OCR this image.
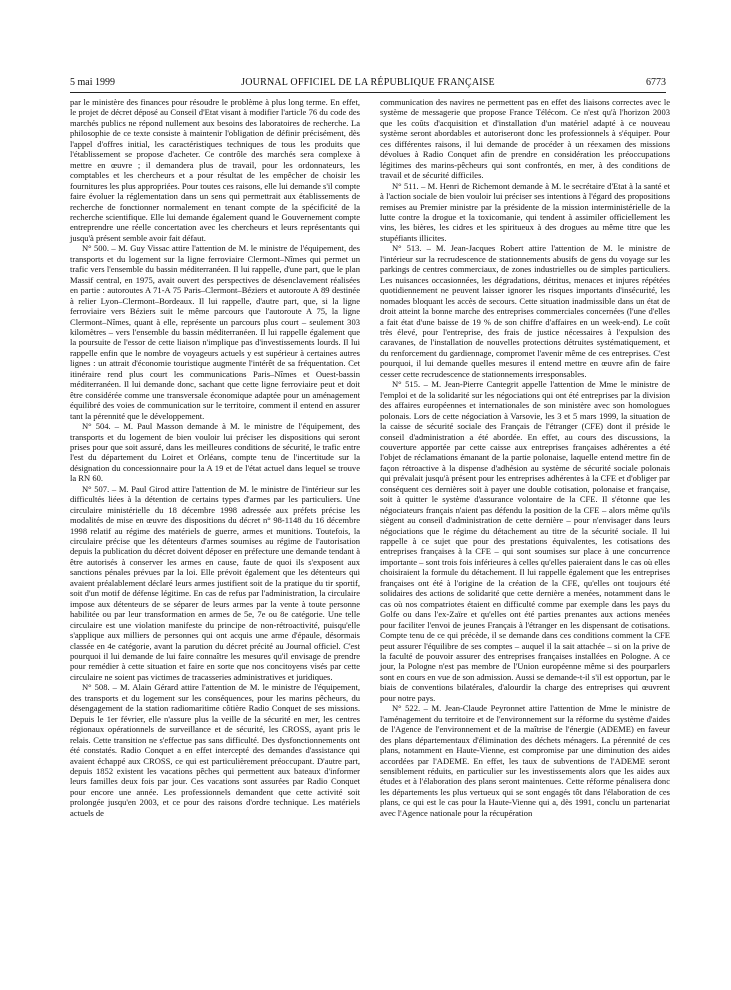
5 mai 1999	JOURNAL OFFICIEL DE LA RÉPUBLIQUE FRANÇAISE	6773

par le ministère des finances pour résoudre le problème à plus long terme. En effet, le projet de décret déposé au Conseil d'Etat visant à modifier l'article 76 du code des marchés publics ne répond nullement aux besoins des laboratoires de recherche. La philosophie de ce texte consiste à maintenir l'obligation de définir précisément, dès l'appel d'offres initial, les caractéristiques techniques de tous les produits que l'établissement se propose d'acheter. Ce contrôle des marchés sera complexe à mettre en œuvre ; il demandera plus de travail, pour les ordonnateurs, les comptables et les chercheurs et a pour résultat de les empêcher de choisir les fournitures les plus appropriées. Pour toutes ces raisons, elle lui demande s'il compte faire évoluer la réglementation dans un sens qui permettrait aux établissements de recherche de fonctionner normalement en tenant compte de la spécificité de la recherche scientifique. Elle lui demande également quand le Gouvernement compte entreprendre une réelle concertation avec les chercheurs et leurs représentants qui jusqu'à présent semble avoir fait défaut.

N° 500. – M. Guy Vissac attire l'attention de M. le ministre de l'équipement, des transports et du logement sur la ligne ferroviaire Clermont–Nîmes qui permet un trafic vers l'ensemble du bassin méditerranéen. Il lui rappelle, d'une part, que le plan Massif central, en 1975, avait ouvert des perspectives de désenclavement réalisées en partie : autoroutes A 71-A 75 Paris–Clermont–Béziers et autoroute A 89 destinée à relier Lyon–Clermont–Bordeaux. Il lui rappelle, d'autre part, que, si la ligne ferroviaire vers Béziers suit le même parcours que l'autoroute A 75, la ligne Clermont–Nîmes, quant à elle, représente un parcours plus court – seulement 303 kilomètres – vers l'ensemble du bassin méditerranéen. Il lui rappelle également que la poursuite de l'essor de cette liaison n'implique pas d'investissements lourds. Il lui rappelle enfin que le nombre de voyageurs actuels y est supérieur à certaines autres lignes : un attrait d'économie touristique augmente l'intérêt de sa fréquentation. Cet itinéraire rend plus court les communications Paris–Nîmes et Ouest-bassin méditerranéen. Il lui demande donc, sachant que cette ligne ferroviaire peut et doit être considérée comme une transversale économique adaptée pour un aménagement équilibré des voies de communication sur le territoire, comment il entend en assurer tant la pérennité que le développement.

N° 504. – M. Paul Masson demande à M. le ministre de l'équipement, des transports et du logement de bien vouloir lui préciser les dispositions qui seront prises pour que soit assuré, dans les meilleures conditions de sécurité, le trafic entre l'est du département du Loiret et Orléans, compte tenu de l'incertitude sur la désignation du concessionnaire pour la A 19 et de l'état actuel dans lequel se trouve la RN 60.

N° 507. – M. Paul Girod attire l'attention de M. le ministre de l'intérieur sur les difficultés liées à la détention de certains types d'armes par les particuliers. Une circulaire ministérielle du 18 décembre 1998 adressée aux préfets précise les modalités de mise en œuvre des dispositions du décret n° 98-1148 du 16 décembre 1998 relatif au régime des matériels de guerre, armes et munitions. Toutefois, la circulaire précise que les détenteurs d'armes soumises au régime de l'autorisation depuis la publication du décret doivent déposer en préfecture une demande tendant à être autorisés à conserver les armes en cause, faute de quoi ils s'exposent aux sanctions pénales prévues par la loi. Elle prévoit également que les détenteurs qui avaient préalablement déclaré leurs armes justifient soit de la pratique du tir sportif, soit d'un motif de défense légitime. En cas de refus par l'administration, la circulaire impose aux détenteurs de se séparer de leurs armes par la vente à toute personne habilitée ou par leur transformation en armes de 5e, 7e ou 8e catégorie. Une telle circulaire est une violation manifeste du principe de non-rétroactivité, puisqu'elle s'applique aux milliers de personnes qui ont acquis une arme d'épaule, désormais classée en 4e catégorie, avant la parution du décret précité au Journal officiel. C'est pourquoi il lui demande de lui faire connaître les mesures qu'il envisage de prendre pour remédier à cette situation et faire en sorte que nos concitoyens visés par cette circulaire ne soient pas victimes de tracasseries administratives et juridiques.

N° 508. – M. Alain Gérard attire l'attention de M. le ministre de l'équipement, des transports et du logement sur les conséquences, pour les marins pêcheurs, du désengagement de la station radiomaritime côtière Radio Conquet de ses missions. Depuis le 1er février, elle n'assure plus la veille de la sécurité en mer, les centres régionaux opérationnels de surveillance et de sécurité, les CROSS, ayant pris le relais. Cette transition ne s'effectue pas sans difficulté. Des dysfonctionnements ont été constatés. Radio Conquet a en effet intercepté des demandes d'assistance qui avaient échappé aux CROSS, ce qui est particulièrement préoccupant. D'autre part, depuis 1852 existent les vacations pêches qui permettent aux bateaux d'informer leurs familles deux fois par jour. Ces vacations sont assurées par Radio Conquet pour encore une année. Les professionnels demandent que cette activité soit prolongée jusqu'en 2003, et ce pour des raisons d'ordre technique. Les matériels actuels de

communication des navires ne permettent pas en effet des liaisons correctes avec le système de messagerie que propose France Télécom. Ce n'est qu'à l'horizon 2003 que les coûts d'acquisition et d'installation d'un matériel adapté à ce nouveau système seront abordables et autoriseront donc les professionnels à s'équiper. Pour ces différentes raisons, il lui demande de procéder à un réexamen des missions dévolues à Radio Conquet afin de prendre en considération les préoccupations légitimes des marins-pêcheurs qui sont confrontés, en mer, à des conditions de travail et de sécurité difficiles.

N° 511. – M. Henri de Richemont demande à M. le secrétaire d'Etat à la santé et à l'action sociale de bien vouloir lui préciser ses intentions à l'égard des propositions remises au Premier ministre par la présidente de la mission interministérielle de la lutte contre la drogue et la toxicomanie, qui tendent à assimiler officiellement les vins, les bières, les cidres et les spiritueux à des drogues au même titre que les stupéfiants illicites.

N° 513. – M. Jean-Jacques Robert attire l'attention de M. le ministre de l'intérieur sur la recrudescence de stationnements abusifs de gens du voyage sur les parkings de centres commerciaux, de zones industrielles ou de simples particuliers. Les nuisances occasionnées, les dégradations, détritus, menaces et injures répétées quotidiennement ne peuvent laisser ignorer les risques importants d'insécurité, les nomades bloquant les accès de secours. Cette situation inadmissible dans un état de droit atteint la bonne marche des entreprises commerciales concernées (l'une d'elles a fait état d'une baisse de 19 % de son chiffre d'affaires en un week-end). Le coût très élevé, pour l'entreprise, des frais de justice nécessaires à l'expulsion des caravanes, de l'installation de nouvelles protections détruites systématiquement, et du renforcement du gardiennage, compromet l'avenir même de ces entreprises. C'est pourquoi, il lui demande quelles mesures il entend mettre en œuvre afin de faire cesser cette recrudescence de stationnements irresponsables.

N° 515. – M. Jean-Pierre Cantegrit appelle l'attention de Mme le ministre de l'emploi et de la solidarité sur les négociations qui ont été entreprises par la division des affaires européennes et internationales de son ministère avec son homologues polonais. Lors de cette négociation à Varsovie, les 3 et 5 mars 1999, la situation de la caisse de sécurité sociale des Français de l'étranger (CFE) dont il préside le conseil d'administration a été abordée. En effet, au cours des discussions, la couverture apportée par cette caisse aux entreprises françaises adhérentes a été l'objet de réclamations émanant de la partie polonaise, laquelle entend mettre fin de façon rétroactive à la dispense d'adhésion au système de sécurité sociale polonais qui prévalait jusqu'à présent pour les entreprises adhérentes à la CFE et d'obliger par conséquent ces dernières soit à payer une double cotisation, polonaise et française, soit à quitter le système d'assurance volontaire de la CFE. Il s'étonne que les négociateurs français n'aient pas défendu la position de la CFE – alors même qu'ils siègent au conseil d'administration de cette dernière – pour n'envisager dans leurs négociations que le régime du détachement au titre de la sécurité sociale. Il lui rappelle à ce sujet que pour des prestations équivalentes, les cotisations des entreprises françaises à la CFE – qui sont soumises sur place à une concurrence importante – sont trois fois inférieures à celles qu'elles paieraient dans le cas où elles choisiraient la formule du détachement. Il lui rappelle également que les entreprises françaises ont été à l'origine de la création de la CFE, qu'elles ont toujours été solidaires des actions de solidarité que cette dernière a menées, notamment dans le cas où nos compatriotes étaient en difficulté comme par exemple dans les pays du Golfe ou dans l'ex-Zaïre et qu'elles ont été parties prenantes aux actions menées pour faciliter l'envoi de jeunes Français à l'étranger en les dispensant de cotisations. Compte tenu de ce qui précède, il se demande dans ces conditions comment la CFE peut assurer l'équilibre de ses comptes – auquel il la sait attachée – si on la prive de la faculté de pouvoir assurer des entreprises françaises installées en Pologne. A ce jour, la Pologne n'est pas membre de l'Union européenne même si des pourparlers sont en cours en vue de son admission. Aussi se demande-t-il s'il est opportun, par le biais de conventions bilatérales, d'alourdir la charge des entreprises qui œuvrent pour notre pays.

N° 522. – M. Jean-Claude Peyronnet attire l'attention de Mme le ministre de l'aménagement du territoire et de l'environnement sur la réforme du système d'aides de l'Agence de l'environnement et de la maîtrise de l'énergie (ADEME) en faveur des plans départementaux d'élimination des déchets ménagers. La pérennité de ces plans, notamment en Haute-Vienne, est compromise par une diminution des aides accordées par l'ADEME. En effet, les taux de subventions de l'ADEME seront sensiblement réduits, en particulier sur les investissements alors que les aides aux études et à l'élaboration des plans seront maintenues. Cette réforme pénalisera donc les départements les plus vertueux qui se sont engagés tôt dans l'élaboration de ces plans, ce qui est le cas pour la Haute-Vienne qui a, dès 1991, conclu un partenariat avec l'Agence nationale pour la récupération
